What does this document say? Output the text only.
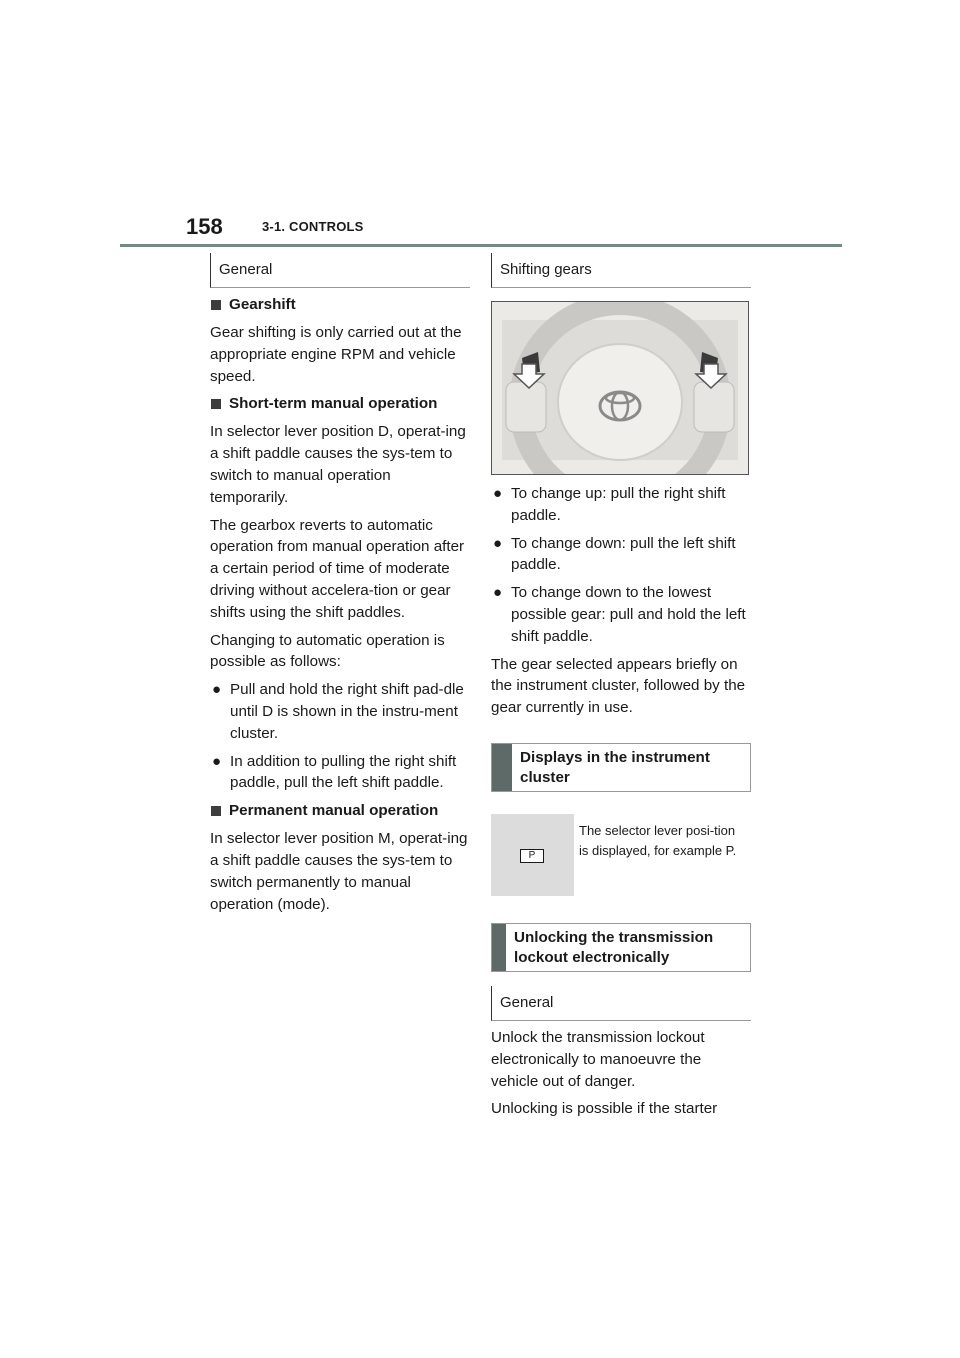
158	3-1. CONTROLS
General
Gearshift

Gear shifting is only carried out at the appropriate engine RPM and vehicle speed.

Short-term manual operation

In selector lever position D, operat-ing a shift paddle causes the sys-tem to switch to manual operation temporarily.

The gearbox reverts to automatic operation from manual operation after a certain period of time of moderate driving without accelera-tion or gear shifts using the shift paddles.

Changing to automatic operation is possible as follows:

● Pull and hold the right shift pad-dle until D is shown in the instru-ment cluster.
● In addition to pulling the right shift paddle, pull the left shift paddle.
Permanent manual operation

In selector lever position M, operat-ing a shift paddle causes the sys-tem to switch permanently to manual operation (mode).

Shifting gears
● To change up: pull the right shift paddle.
● To change down: pull the left shift paddle.
● To change down to the lowest possible gear: pull and hold the left shift paddle.

The gear selected appears briefly on the instrument cluster, followed by the gear currently in use.

Displays in the instrument cluster
P
The selector lever posi-tion is displayed, for example P.
Unlocking the transmission lockout electronically
General

Unlock the transmission lockout electronically to manoeuvre the vehicle out of danger.

Unlocking is possible if the starter
